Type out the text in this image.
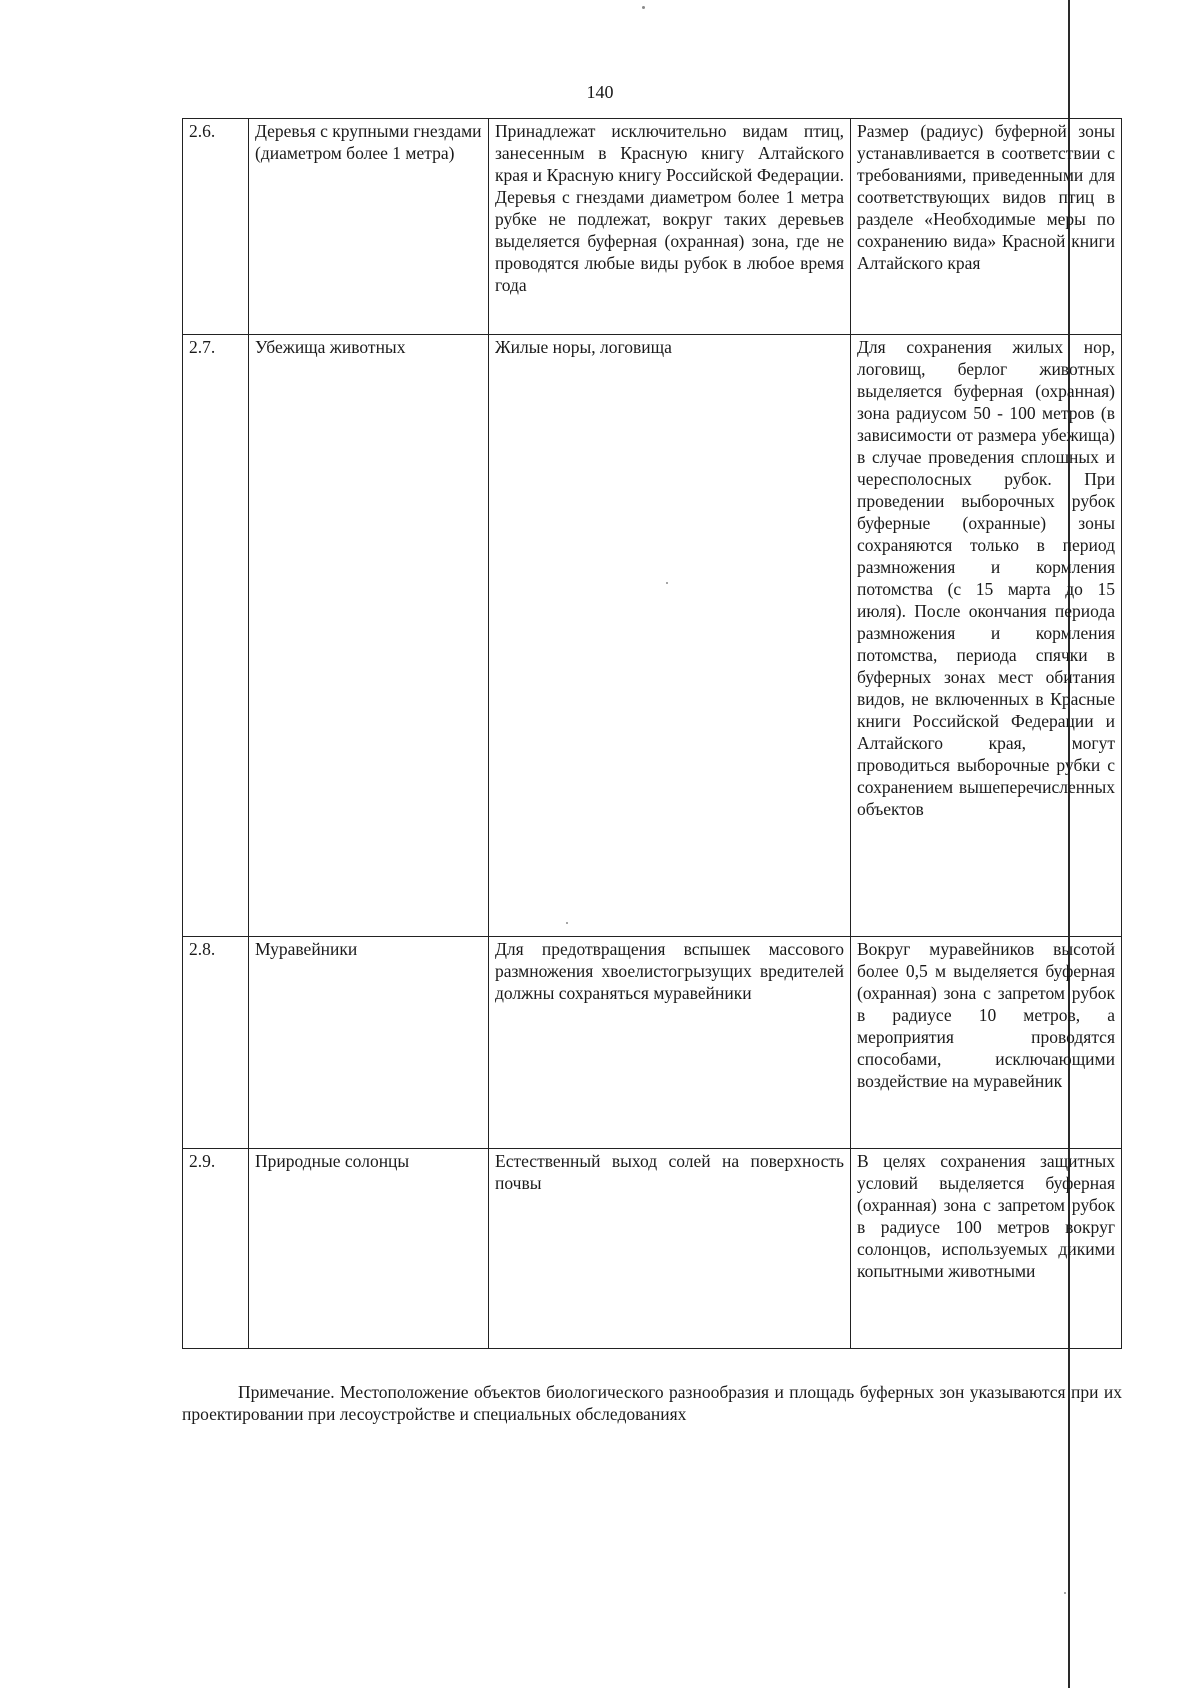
140
2.6.	Деревья с крупными гнездами (диаметром более 1 метра)	Принадлежат исключительно видам птиц, занесенным в Красную книгу Алтайского края и Красную книгу Российской Федерации. Деревья с гнездами диаметром более 1 метра рубке не подлежат, вокруг таких деревьев выделяется буферная (охранная) зона, где не проводятся любые виды рубок в любое время года	Размер (радиус) буферной зоны устанавливается в соответствии с требованиями, приведенными для соответствующих видов птиц в разделе «Необходимые меры по сохранению вида» Красной книги Алтайского края
2.7.	Убежища животных	Жилые норы, логовища	Для сохранения жилых нор, логовищ, берлог животных выделяется буферная (охранная) зона радиусом 50 - 100 метров (в зависимости от размера убежища) в случае проведения сплошных и чересполосных рубок. При проведении выборочных рубок буферные (охранные) зоны сохраняются только в период размножения и кормления потомства (с 15 марта до 15 июля). После окончания периода размножения и кормления потомства, периода спячки в буферных зонах мест обитания видов, не включенных в Красные книги Российской Федерации и Алтайского края, могут проводиться выборочные рубки с сохранением вышеперечисленных объектов
2.8.	Муравейники	Для предотвращения вспышек массового размножения хвоелистогрызущих вредителей должны сохраняться муравейники	Вокруг муравейников высотой более 0,5 м выделяется буферная (охранная) зона с запретом рубок в радиусе 10 метров, а мероприятия проводятся способами, исключающими воздействие на муравейник
2.9.	Природные солонцы	Естественный выход солей на поверхность почвы	В целях сохранения защитных условий выделяется буферная (охранная) зона с запретом рубок в радиусе 100 метров вокруг солонцов, используемых дикими копытными животными

Примечание. Местоположение объектов биологического разнообразия и площадь буферных зон указываются при их проектировании при лесоустройстве и специальных обследованиях
